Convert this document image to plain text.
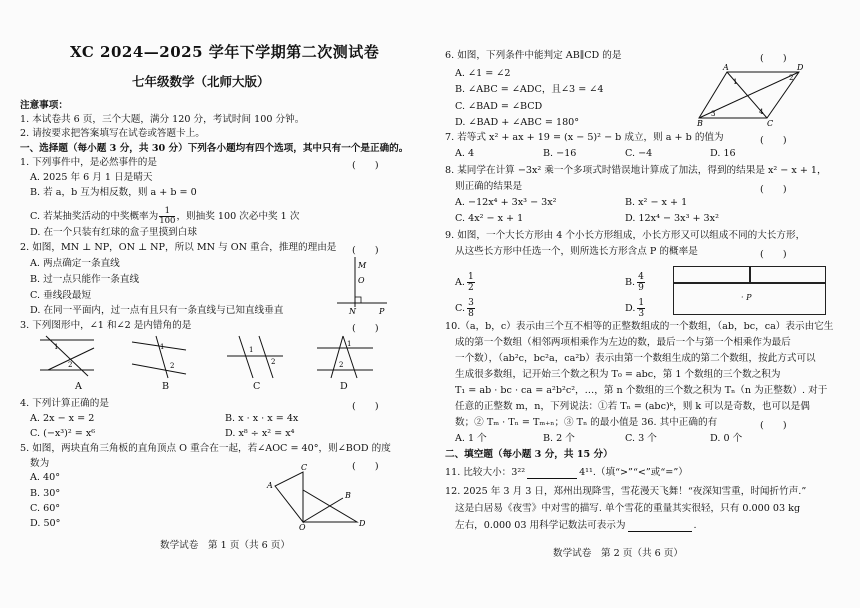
XC 2024—2025 学年下学期第二次测试卷
七年级数学（北师大版）
注意事项：
1. 本试卷共 6 页，三个大题，满分 120 分，考试时间 100 分钟。
2. 请按要求把答案填写在试卷或答题卡上。
一、选择题（每小题 3 分，共 30 分）下列各小题均有四个选项，其中只有一个是正确的。
1. 下列事件中，是必然事件的是	(　　)
A. 2025 年 6 月 1 日是晴天
B. 若 a，b 互为相反数，则 a + b = 0
C. 若某抽奖活动的中奖概率为 $\frac{1}{100}$ ，则抽奖 100 次必中奖 1 次
D. 在一个只装有红球的盒子里摸到白球
2. 如图，MN ⊥ NP，ON ⊥ NP，所以 MN 与 ON 重合，推理的理由是 (　　)
A. 两点确定一条直线
B. 过一点只能作一条直线
C. 垂线段最短
D. 在同一平面内，过一点有且只有一条直线与已知直线垂直
M
O
N	P
3. 下列图形中，∠1 和∠2 是内错角的是	(　　)
1
2
1
2
1
2
1
2
A	B	C	D
4. 下列计算正确的是	(　　)
A. 2x − x = 2	B. x · x · x = 4x
C. (−x³)² = x⁶	D. x⁸ ÷ x² = x⁴
5. 如图，两块直角三角板的直角顶点 O 重合在一起，若∠AOC = 40°，则∠BOD 的度
数为	(　　)
A. 40°
B. 30°
C. 60°
D. 50°
A
C
B
D
O
数学试卷　第 1 页（共 6 页）
6. 如图，下列条件中能判定 AB∥CD 的是	(　　)
A. ∠1 = ∠2
B. ∠ABC = ∠ADC，且∠3 = ∠4
C. ∠BAD = ∠BCD
D. ∠BAD + ∠ABC = 180°
A	D
B	C
1	2
3	4
7. 若等式 x² + ax + 19 = (x − 5)² − b 成立，则 a + b 的值为	(　　)
A. 4	B. −16	C. −4	D. 16
8. 某同学在计算 −3x² 乘一个多项式时错误地计算成了加法，得到的结果是 x² − x + 1，
则正确的结果是	(　　)
A. −12x⁴ + 3x³ − 3x²	B. x² − x + 1
C. 4x² − x + 1	D. 12x⁴ − 3x³ + 3x²
9. 如图，一个大长方形由 4 个小长方形组成，小长方形又可以组成不同的大长方形，
从这些长方形中任选一个，则所选长方形含点 P 的概率是	(　　)
A. $\frac{1}{2}$	B. $\frac{4}{9}$
C. $\frac{3}{8}$	D. $\frac{1}{3}$
· P
10.（a，b，c）表示由三个互不相等的正整数组成的一个数组，（ab，bc，ca）表示由它生
成的第一个数组（相邻两项相乘作为左边的数，最后一个与第一个相乘作为最后
一个数），（ab²c，bc²a，ca²b）表示由第一个数组生成的第二个数组，按此方式可以
生成很多数组，记开始三个数之积为 T₀ = abc，第 1 个数组的三个数之积为
T₁ = ab · bc · ca = a²b²c²，…，第 n 个数组的三个数之积为 Tₙ（n 为正整数）. 对于
任意的正整数 m，n，下列说法：①若 Tₙ = (abc)ᵏ，则 k 可以是奇数，也可以是偶
数；② Tₘ · Tₙ = Tₘ₊ₙ；③ Tₙ 的最小值是 36. 其中正确的有	(　　)
A. 1 个	B. 2 个	C. 3 个	D. 0 个
二、填空题（每小题 3 分，共 15 分）
11. 比较大小：3²²	4¹¹.（填“>”“<”或“=”）
12. 2025 年 3 月 3 日，郑州出现降雪，雪花漫天飞舞！“夜深知雪重，时闻折竹声.”
这是白居易《夜雪》中对雪的描写. 单个雪花的重量其实很轻，只有 0.000 03 kg
左右，0.000 03 用科学记数法可表示为	.
数学试卷　第 2 页（共 6 页）
